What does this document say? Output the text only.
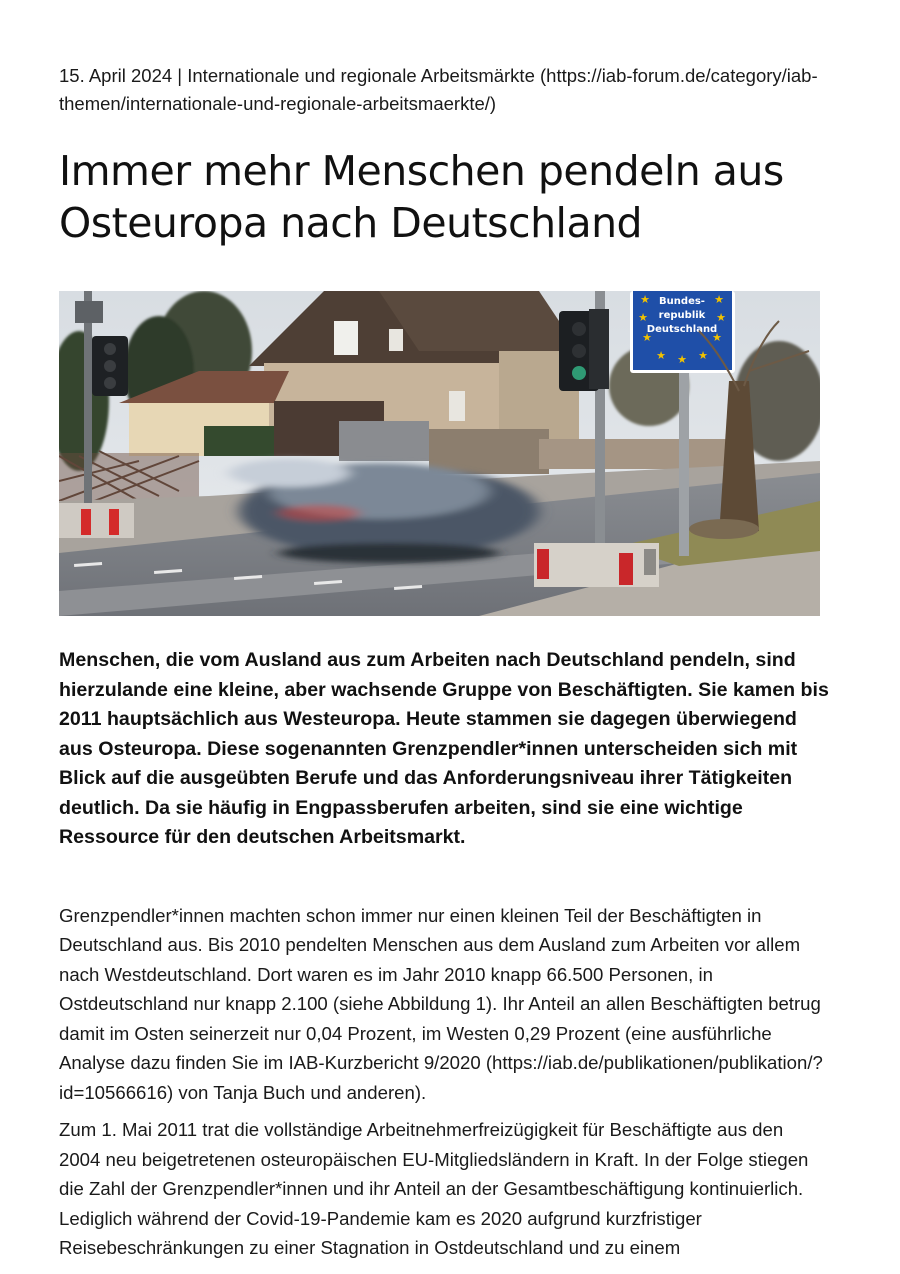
15. April 2024 | Internationale und regionale Arbeitsmärkte (https://iab-forum.de/category/iab-themen/internationale-und-regionale-arbeitsmaerkte/)

Immer mehr Menschen pendeln aus Osteuropa nach Deutschland
Bundes-
republik
Deutschland
★	★
★	★
★	★
★	★
★

Menschen, die vom Ausland aus zum Arbeiten nach Deutschland pendeln, sind hierzulande eine kleine, aber wachsende Gruppe von Beschäftigten. Sie kamen bis 2011 hauptsächlich aus Westeuropa. Heute stammen sie dagegen überwiegend aus Osteuropa. Diese sogenannten Grenzpendler*innen unterscheiden sich mit Blick auf die ausgeübten Berufe und das Anforderungsniveau ihrer Tätigkeiten deutlich. Da sie häufig in Engpassberufen arbeiten, sind sie eine wichtige Ressource für den deutschen Arbeitsmarkt.

Grenzpendler*innen machten schon immer nur einen kleinen Teil der Beschäftigten in Deutschland aus. Bis 2010 pendelten Menschen aus dem Ausland zum Arbeiten vor allem nach Westdeutschland. Dort waren es im Jahr 2010 knapp 66.500 Personen, in Ostdeutschland nur knapp 2.100 (siehe Abbildung 1). Ihr Anteil an allen Beschäftigten betrug damit im Osten seinerzeit nur 0,04 Prozent, im Westen 0,29 Prozent (eine ausführliche Analyse dazu finden Sie im IAB-Kurzbericht 9/2020 (https://iab.de/publikationen/publikation/?id=10566616) von Tanja Buch und anderen).

Zum 1. Mai 2011 trat die vollständige Arbeitnehmerfreizügigkeit für Beschäftigte aus den 2004 neu beigetretenen osteuropäischen EU-Mitgliedsländern in Kraft. In der Folge stiegen die Zahl der Grenzpendler*innen und ihr Anteil an der Gesamtbeschäftigung kontinuierlich. Lediglich während der Covid-19-Pandemie kam es 2020 aufgrund kurzfristiger Reisebeschränkungen zu einer Stagnation in Ostdeutschland und zu einem
